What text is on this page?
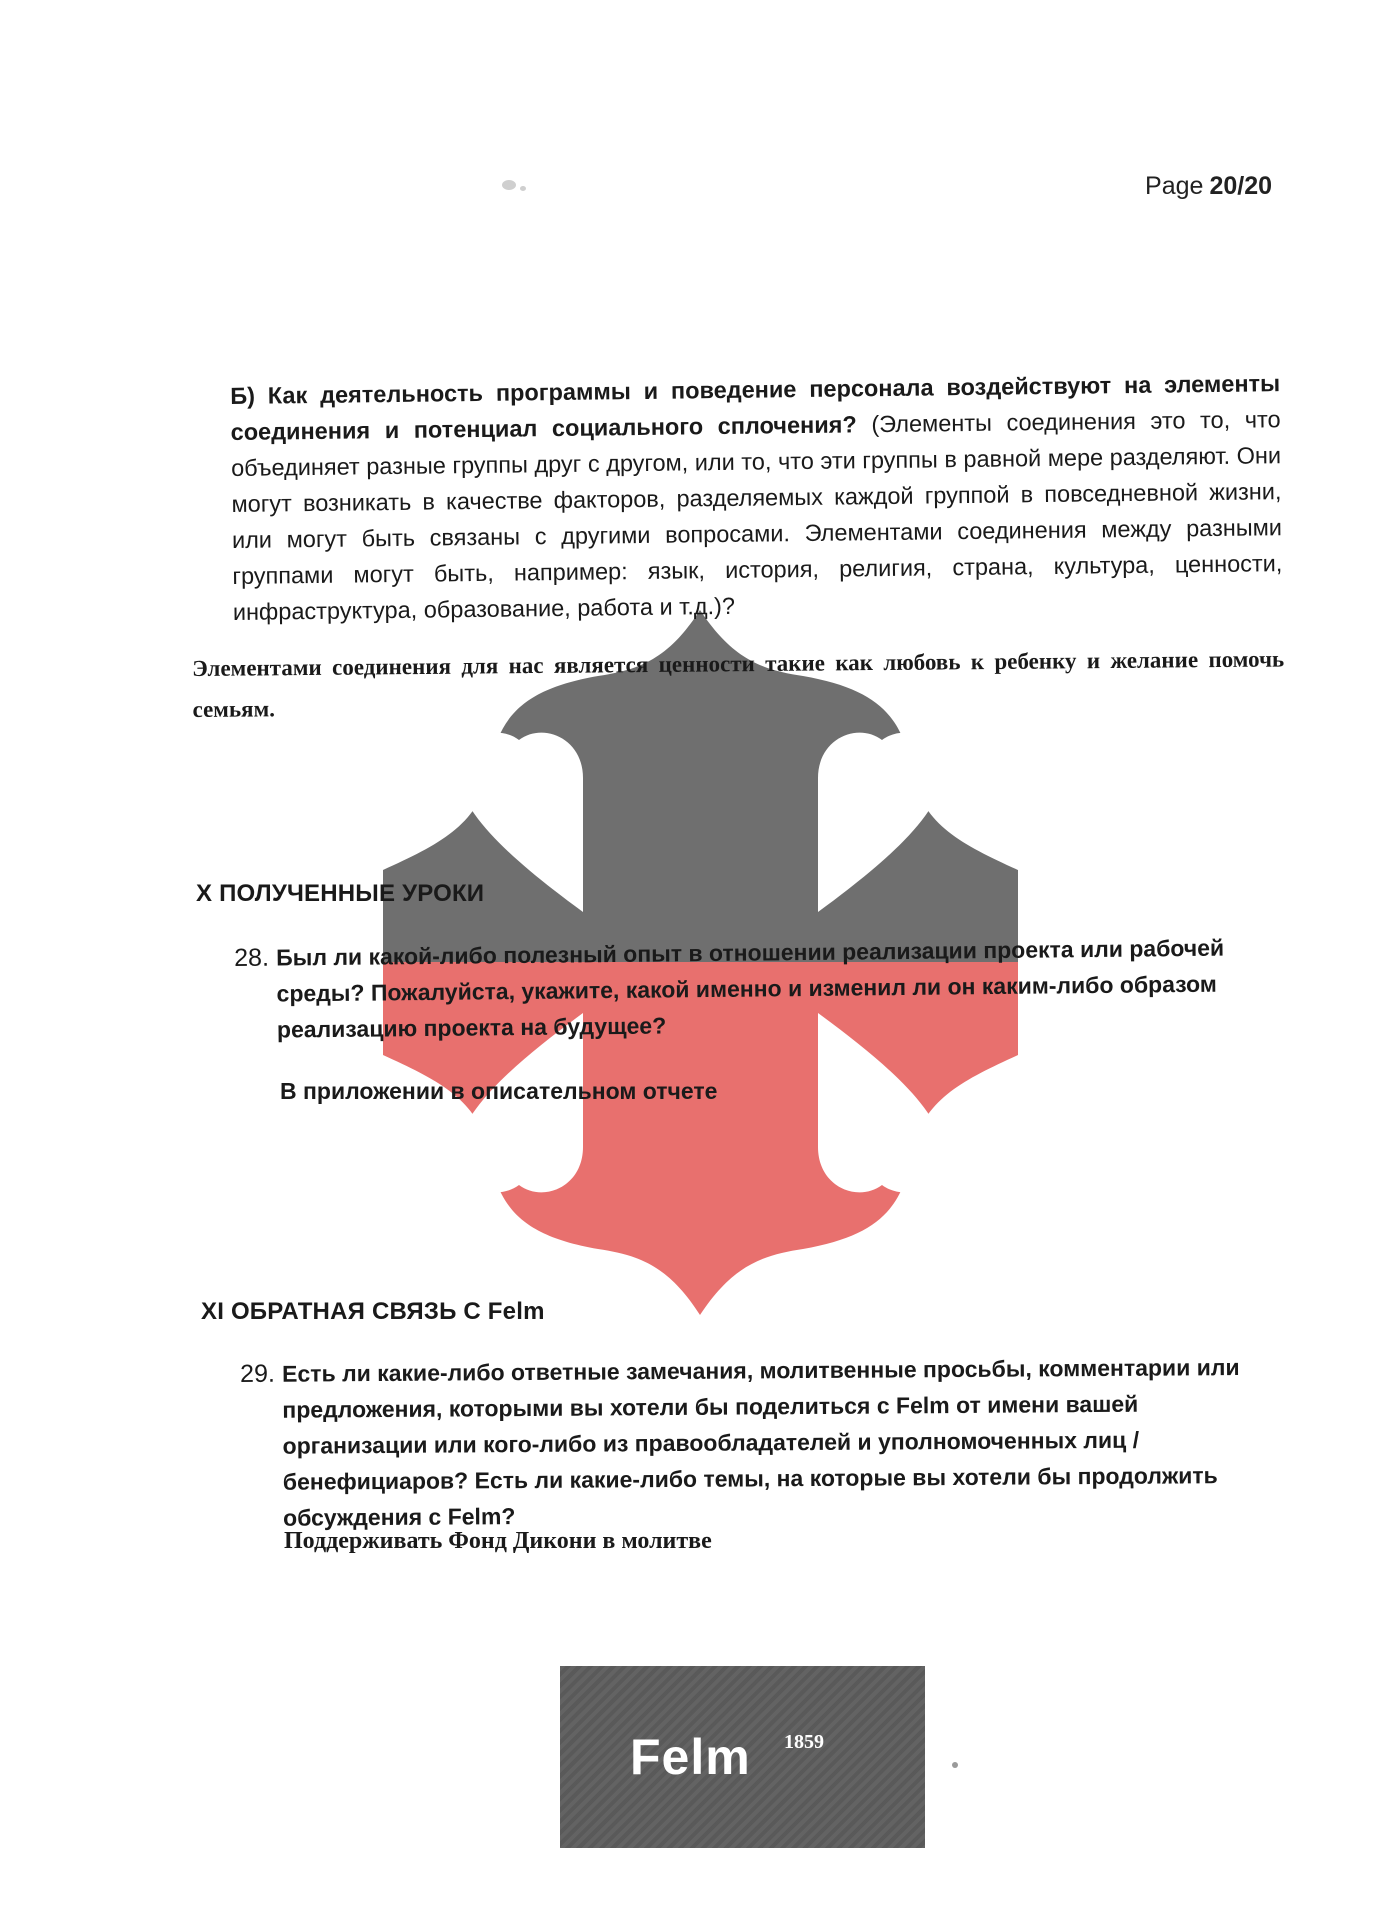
Page 20/20
Б) Как деятельность программы и поведение персонала воздействуют на элементы соединения и потенциал социального сплочения? (Элементы соединения это то, что объединяет разные группы друг с другом, или то, что эти группы в равной мере разделяют. Они могут возникать в качестве факторов, разделяемых каждой группой в повседневной жизни, или могут быть связаны с другими вопросами. Элементами соединения между разными группами могут быть, например: язык, история, религия, страна, культура, ценности, инфраструктура, образование, работа и т.д.)?
Элементами соединения для нас является ценности такие как любовь к ребенку и желание помочь семьям.
X ПОЛУЧЕННЫЕ УРОКИ
28. Был ли какой-либо полезный опыт в отношении реализации проекта или рабочей среды? Пожалуйста, укажите, какой именно и изменил ли он каким-либо образом реализацию проекта на будущее?
В приложении в описательном отчете
XI ОБРАТНАЯ СВЯЗЬ С Felm
29. Есть ли какие-либо ответные замечания, молитвенные просьбы, комментарии или предложения, которыми вы хотели бы поделиться с Felm от имени вашей организации или кого-либо из правообладателей и уполномоченных лиц / бенефициаров? Есть ли какие-либо темы, на которые вы хотели бы продолжить обсуждения с Felm?
Поддерживать Фонд Дикони в молитве
Felm 1859
